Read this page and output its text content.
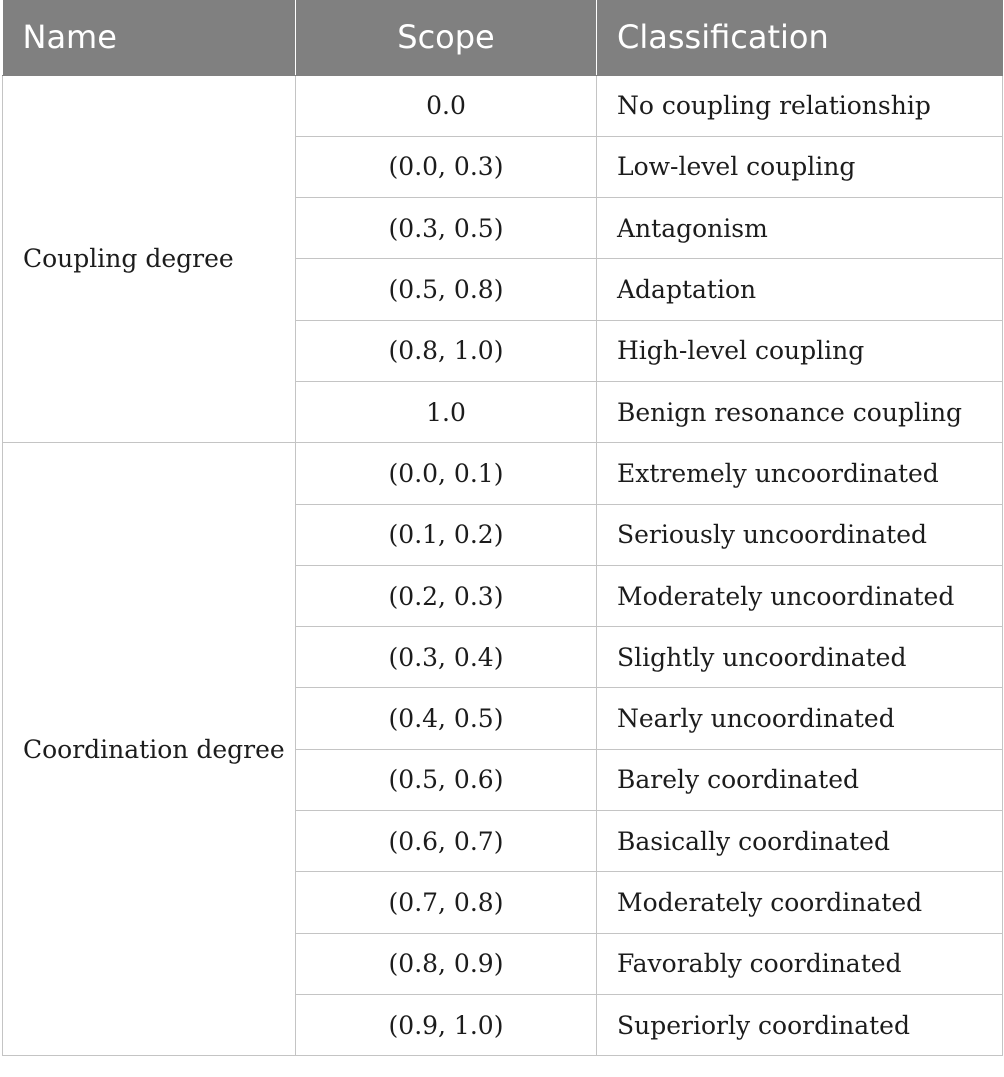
Name	Scope	Classification
Coupling degree	0.0	No coupling relationship
	(0.0, 0.3)	Low-level coupling
	(0.3, 0.5)	Antagonism
	(0.5, 0.8)	Adaptation
	(0.8, 1.0)	High-level coupling
	1.0	Benign resonance coupling
Coordination degree	(0.0, 0.1)	Extremely uncoordinated
	(0.1, 0.2)	Seriously uncoordinated
	(0.2, 0.3)	Moderately uncoordinated
	(0.3, 0.4)	Slightly uncoordinated
	(0.4, 0.5)	Nearly uncoordinated
	(0.5, 0.6)	Barely coordinated
	(0.6, 0.7)	Basically coordinated
	(0.7, 0.8)	Moderately coordinated
	(0.8, 0.9)	Favorably coordinated
	(0.9, 1.0)	Superiorly coordinated
